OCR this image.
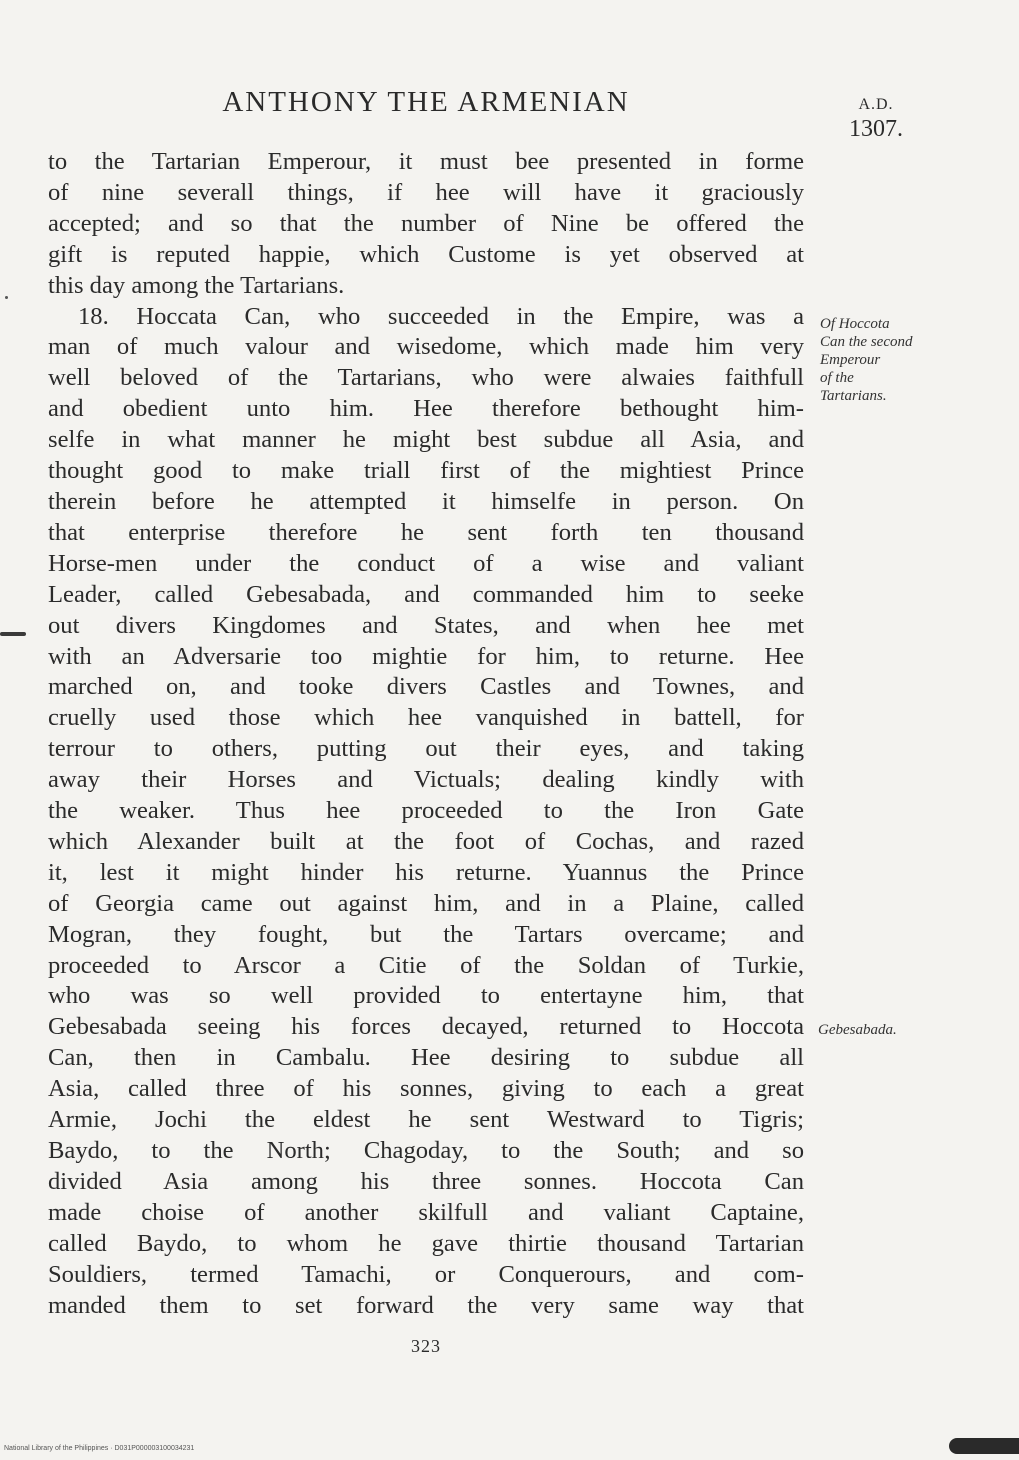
ANTHONY THE ARMENIAN	A.D.
1307.
to the Tartarian Emperour, it must bee presented in forme
of nine severall things, if hee will have it graciously
accepted; and so that the number of Nine be offered the
gift is reputed happie, which Custome is yet observed at
this day among the Tartarians.
18. Hoccata Can, who succeeded in the Empire, was a
man of much valour and wisedome, which made him very
well beloved of the Tartarians, who were alwaies faithfull
and obedient unto him. Hee therefore bethought him-
selfe in what manner he might best subdue all Asia, and
thought good to make triall first of the mightiest Prince
therein before he attempted it himselfe in person. On
that enterprise therefore he sent forth ten thousand
Horse-men under the conduct of a wise and valiant
Leader, called Gebesabada, and commanded him to seeke
out divers Kingdomes and States, and when hee met
with an Adversarie too mightie for him, to returne. Hee
marched on, and tooke divers Castles and Townes, and
cruelly used those which hee vanquished in battell, for
terrour to others, putting out their eyes, and taking
away their Horses and Victuals; dealing kindly with
the weaker. Thus hee proceeded to the Iron Gate
which Alexander built at the foot of Cochas, and razed
it, lest it might hinder his returne. Yuannus the Prince
of Georgia came out against him, and in a Plaine, called
Mogran, they fought, but the Tartars overcame; and
proceeded to Arscor a Citie of the Soldan of Turkie,
who was so well provided to entertayne him, that
Gebesabada seeing his forces decayed, returned to Hoccota
Can, then in Cambalu. Hee desiring to subdue all
Asia, called three of his sonnes, giving to each a great
Armie, Jochi the eldest he sent Westward to Tigris;
Baydo, to the North; Chagoday, to the South; and so
divided Asia among his three sonnes. Hoccota Can
made choise of another skilfull and valiant Captaine,
called Baydo, to whom he gave thirtie thousand Tartarian
Souldiers, termed Tamachi, or Conquerours, and com-
manded them to set forward the very same way that
Of Hoccota
Can the second
Emperour
of the
Tartarians.
Gebesabada.
323
National Library of the Philippines · D031P000003100034231
